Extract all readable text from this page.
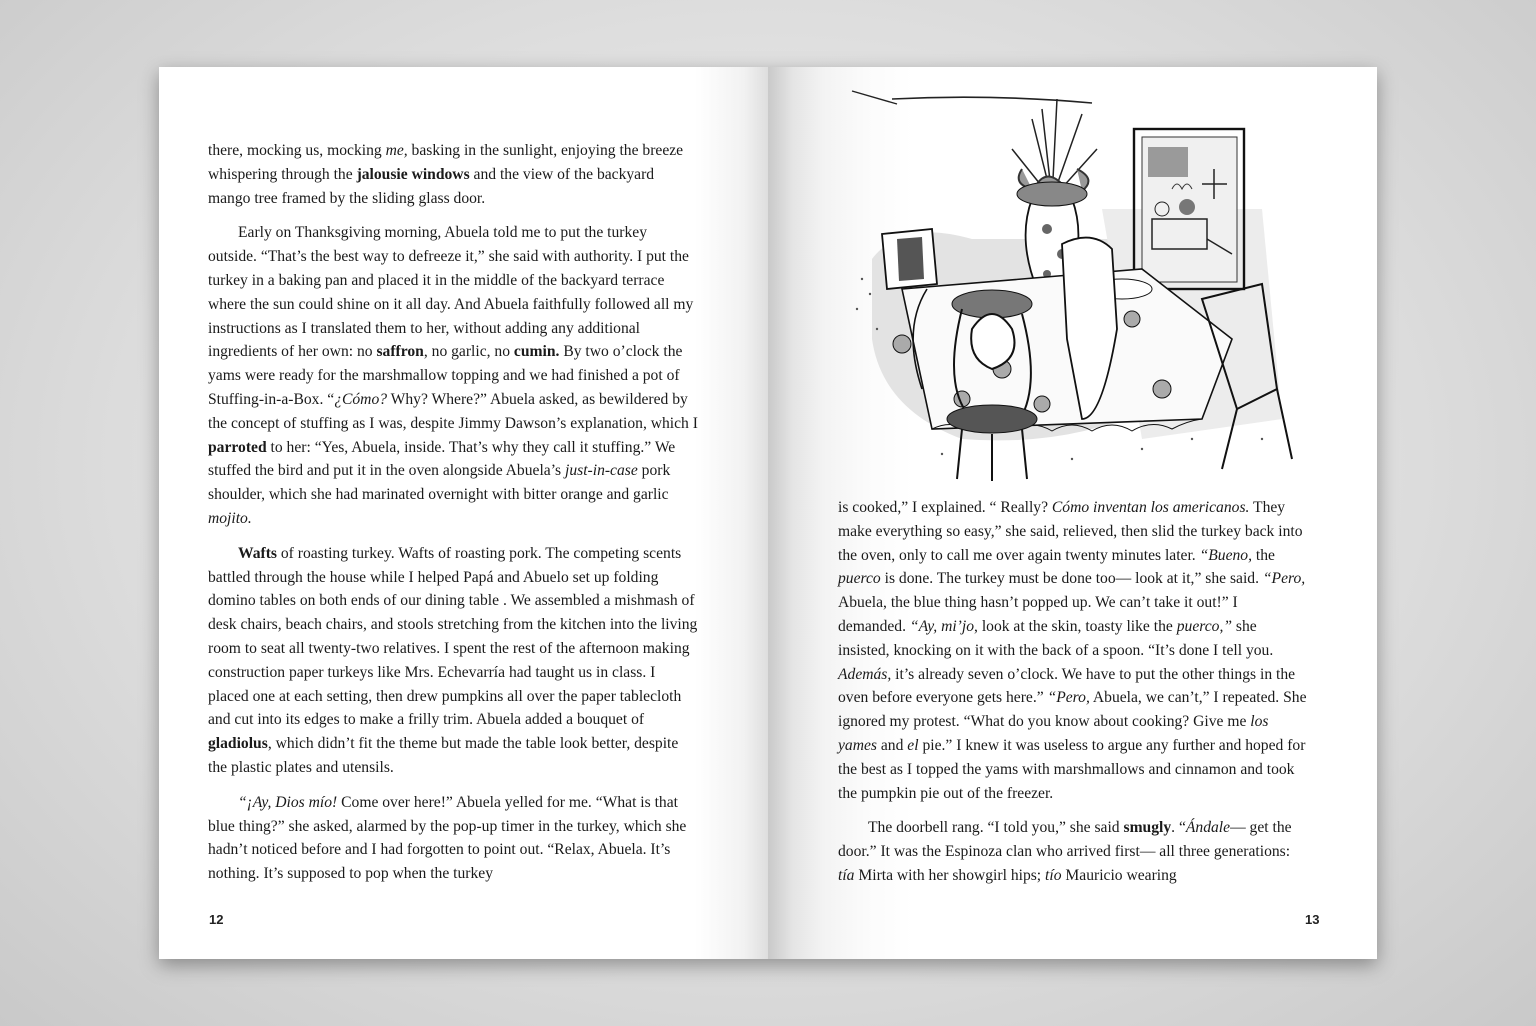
there, mocking us, mocking me, basking in the sunlight, enjoying the breeze whispering through the jalousie windows and the view of the backyard mango tree framed by the sliding glass door.

Early on Thanksgiving morning, Abuela told me to put the turkey outside. “That’s the best way to defreeze it,” she said with authority. I put the turkey in a baking pan and placed it in the middle of the backyard terrace where the sun could shine on it all day. And Abuela faithfully followed all my instructions as I translated them to her, without adding any additional ingredients of her own: no saffron, no garlic, no cumin. By two o’clock the yams were ready for the marshmallow topping and we had finished a pot of Stuffing-in-a-Box. “¿Cómo? Why? Where?” Abuela asked, as bewildered by the concept of stuffing as I was, despite Jimmy Dawson’s explanation, which I parroted to her: “Yes, Abuela, inside. That’s why they call it stuffing.” We stuffed the bird and put it in the oven alongside Abuela’s just-in-case pork shoulder, which she had marinated overnight with bitter orange and garlic mojito.

Wafts of roasting turkey. Wafts of roasting pork. The competing scents battled through the house while I helped Papá and Abuelo set up folding domino tables on both ends of our dining table . We assembled a mishmash of desk chairs, beach chairs, and stools stretching from the kitchen into the living room to seat all twenty-two relatives. I spent the rest of the afternoon making construction paper turkeys like Mrs. Echevarría had taught us in class. I placed one at each setting, then drew pumpkins all over the paper tablecloth and cut into its edges to make a frilly trim. Abuela added a bouquet of gladiolus, which didn’t fit the theme but made the table look better, despite the plastic plates and utensils.

“¡Ay, Dios mío! Come over here!” Abuela yelled for me. “What is that blue thing?” she asked, alarmed by the pop-up timer in the turkey, which she hadn’t noticed before and I had forgotten to point out. “Relax, Abuela. It’s nothing. It’s supposed to pop when the turkey

12

is cooked,” I explained. “ Really? Cómo inventan los americanos. They make everything so easy,” she said, relieved, then slid the turkey back into the oven, only to call me over again twenty minutes later. “Bueno, the puerco is done. The turkey must be done too— look at it,” she said. “Pero, Abuela, the blue thing hasn’t popped up. We can’t take it out!” I demanded. “Ay, mi’jo, look at the skin, toasty like the puerco,” she insisted, knocking on it with the back of a spoon. “It’s done I tell you. Además, it’s already seven o’clock. We have to put the other things in the oven before everyone gets here.” “Pero, Abuela, we can’t,” I repeated. She ignored my protest. “What do you know about cooking? Give me los yames and el pie.” I knew it was useless to argue any further and hoped for the best as I topped the yams with marshmallows and cinnamon and took the pumpkin pie out of the freezer.

The doorbell rang. “I told you,” she said smugly. “Ándale— get the door.” It was the Espinoza clan who arrived first— all three generations: tía Mirta with her showgirl hips; tío Mauricio wearing

13
